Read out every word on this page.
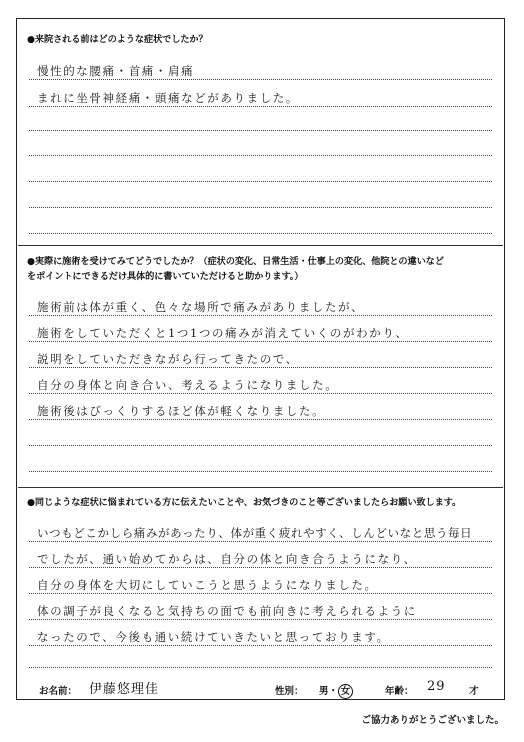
●来院される前はどのような症状でしたか？
慢性的な腰痛・首痛・肩痛
まれに坐骨神経痛・頭痛などがありました。
●実際に施術を受けてみてどうでしたか？（症状の変化、日常生活・仕事上の変化、他院との違いなど
をポイントにできるだけ具体的に書いていただけると助かります。）
施術前は体が重く、色々な場所で痛みがありましたが、
施術をしていただくと1つ1つの痛みが消えていくのがわかり、
説明をしていただきながら行ってきたので、
自分の身体と向き合い、考えるようになりました。
施術後はびっくりするほど体が軽くなりました。
●同じような症状に悩まれている方に伝えたいことや、お気づきのこと等ございましたらお願い致します。
いつもどこかしら痛みがあったり、体が重く疲れやすく、しんどいなと思う毎日
でしたが、通い始めてからは、自分の体と向き合うようになり、
自分の身体を大切にしていこうと思うようになりました。
体の調子が良くなると気持ちの面でも前向きに考えられるように
なったので、今後も通い続けていきたいと思っております。
お名前： 伊藤悠理佳	性別： 男・ 女	年齢： 29 才
ご協力ありがとうございました。
